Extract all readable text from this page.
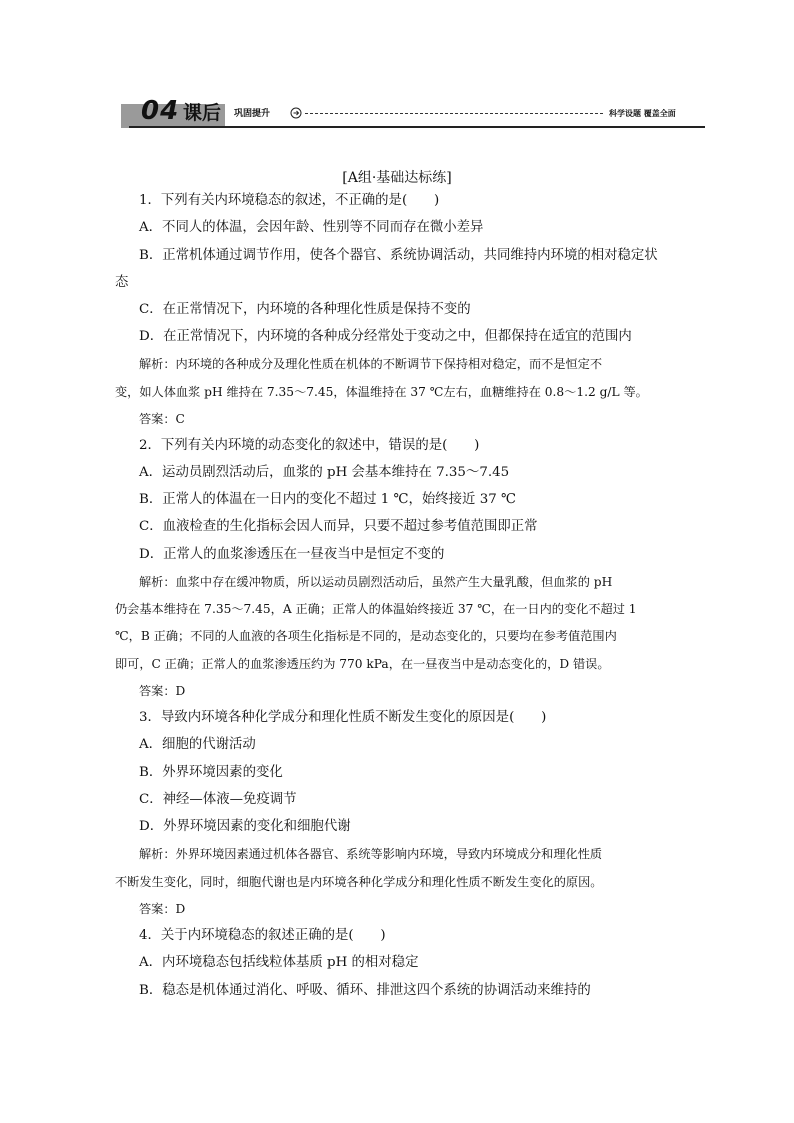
04 课后 巩固提升	科学设题 覆盖全面
[A组·基础达标练]
1．下列有关内环境稳态的叙述，不正确的是(　　)
A．不同人的体温，会因年龄、性别等不同而存在微小差异
B．正常机体通过调节作用，使各个器官、系统协调活动，共同维持内环境的相对稳定状
态
C．在正常情况下，内环境的各种理化性质是保持不变的
D．在正常情况下，内环境的各种成分经常处于变动之中，但都保持在适宜的范围内
解析：内环境的各种成分及理化性质在机体的不断调节下保持相对稳定，而不是恒定不
变，如人体血浆 pH 维持在 7.35～7.45，体温维持在 37 ℃左右，血糖维持在 0.8～1.2 g/L 等。
答案：C
2．下列有关内环境的动态变化的叙述中，错误的是(　　)
A．运动员剧烈活动后，血浆的 pH 会基本维持在 7.35～7.45
B．正常人的体温在一日内的变化不超过 1 ℃，始终接近 37 ℃
C．血液检查的生化指标会因人而异，只要不超过参考值范围即正常
D．正常人的血浆渗透压在一昼夜当中是恒定不变的
解析：血浆中存在缓冲物质，所以运动员剧烈活动后，虽然产生大量乳酸，但血浆的 pH
仍会基本维持在 7.35～7.45，A 正确；正常人的体温始终接近 37 ℃，在一日内的变化不超过 1
℃，B 正确；不同的人血液的各项生化指标是不同的，是动态变化的，只要均在参考值范围内
即可，C 正确；正常人的血浆渗透压约为 770 kPa，在一昼夜当中是动态变化的，D 错误。
答案：D
3．导致内环境各种化学成分和理化性质不断发生变化的原因是(　　)
A．细胞的代谢活动
B．外界环境因素的变化
C．神经—体液—免疫调节
D．外界环境因素的变化和细胞代谢
解析：外界环境因素通过机体各器官、系统等影响内环境，导致内环境成分和理化性质
不断发生变化，同时，细胞代谢也是内环境各种化学成分和理化性质不断发生变化的原因。
答案：D
4．关于内环境稳态的叙述正确的是(　　)
A．内环境稳态包括线粒体基质 pH 的相对稳定
B．稳态是机体通过消化、呼吸、循环、排泄这四个系统的协调活动来维持的
